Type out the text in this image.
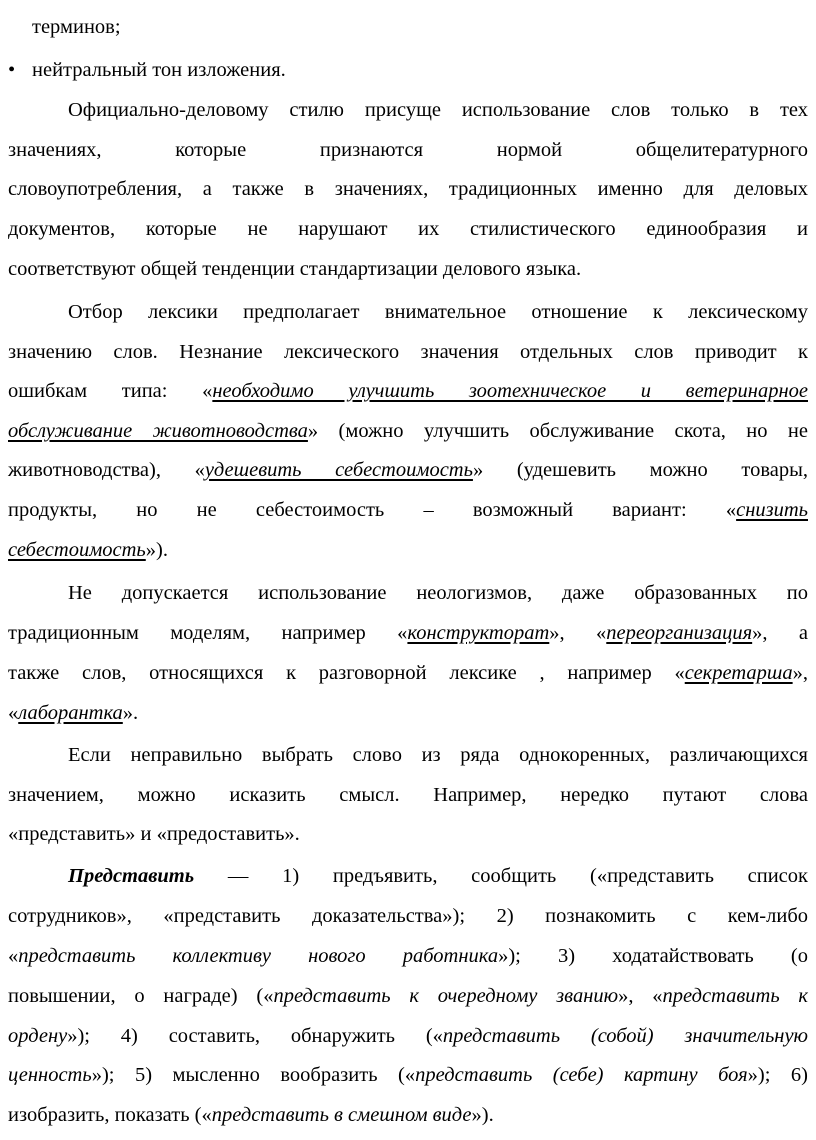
терминов;
• нейтральный тон изложения.
Официально-деловому стилю присуще использование слов только в тех
значениях, которые признаются нормой общелитературного
словоупотребления, а также в значениях, традиционных именно для деловых
документов, которые не нарушают их стилистического единообразия и
соответствуют общей тенденции стандартизации делового языка.
Отбор лексики предполагает внимательное отношение к лексическому
значению слов. Незнание лексического значения отдельных слов приводит к
ошибкам типа: «необходимо улучшить зоотехническое и ветеринарное
обслуживание животноводства» (можно улучшить обслуживание скота, но не
животноводства), «удешевить себестоимость» (удешевить можно товары,
продукты, но не себестоимость – возможный вариант: «снизить
себестоимость»).
Не допускается использование неологизмов, даже образованных по
традиционным моделям, например «конструкторат», «переорганизация», а
также слов, относящихся к разговорной лексике , например «секретарша»,
«лаборантка».
Если неправильно выбрать слово из ряда однокоренных, различающихся
значением, можно исказить смысл. Например, нередко путают слова
«представить» и «предоставить».
Представить — 1) предъявить, сообщить («представить список
сотрудников», «представить доказательства»); 2) познакомить с кем-либо
«представить коллективу нового работника»); 3) ходатайствовать (о
повышении, о награде) («представить к очередному званию», «представить к
ордену»); 4) составить, обнаружить («представить (собой) значительную
ценность»); 5) мысленно вообразить («представить (себе) картину боя»); 6)
изобразить, показать («представить в смешном виде»).
